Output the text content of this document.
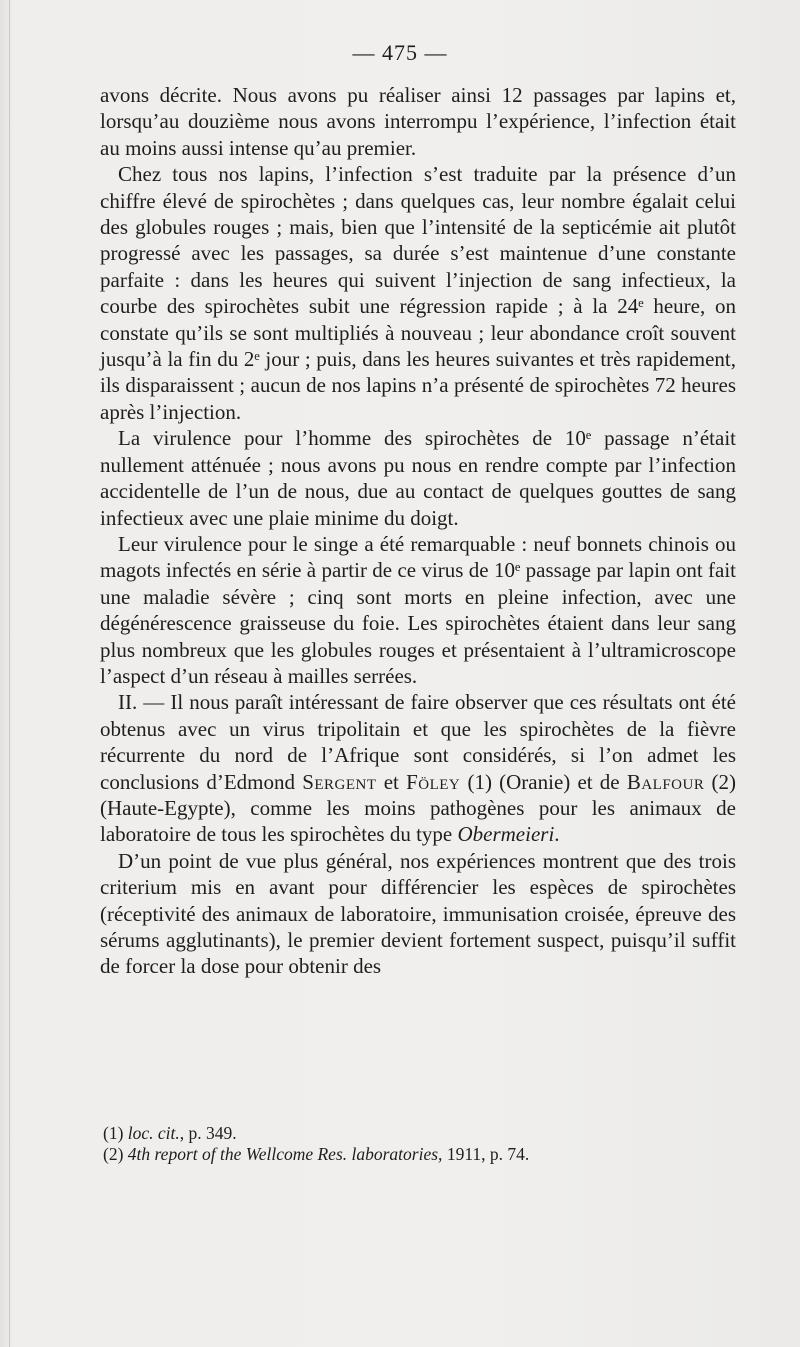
— 475 —

avons décrite. Nous avons pu réaliser ainsi 12 passages par lapins et, lorsqu’au douzième nous avons interrompu l’expérience, l’infection était au moins aussi intense qu’au premier.

Chez tous nos lapins, l’infection s’est traduite par la présence d’un chiffre élevé de spirochètes ; dans quelques cas, leur nombre égalait celui des globules rouges ; mais, bien que l’intensité de la septicémie ait plutôt progressé avec les passages, sa durée s’est maintenue d’une constante parfaite : dans les heures qui suivent l’injection de sang infectieux, la courbe des spirochètes subit une régression rapide ; à la 24ᵉ heure, on constate qu’ils se sont multipliés à nouveau ; leur abondance croît souvent jusqu’à la fin du 2ᵉ jour ; puis, dans les heures suivantes et très rapidement, ils disparaissent ; aucun de nos lapins n’a présenté de spirochètes 72 heures après l’injection.

La virulence pour l’homme des spirochètes de 10ᵉ passage n’était nullement atténuée ; nous avons pu nous en rendre compte par l’infection accidentelle de l’un de nous, due au contact de quelques gouttes de sang infectieux avec une plaie minime du doigt.

Leur virulence pour le singe a été remarquable : neuf bonnets chinois ou magots infectés en série à partir de ce virus de 10ᵉ passage par lapin ont fait une maladie sévère ; cinq sont morts en pleine infection, avec une dégénérescence graisseuse du foie. Les spirochètes étaient dans leur sang plus nombreux que les globules rouges et présentaient à l’ultramicroscope l’aspect d’un réseau à mailles serrées.

II. — Il nous paraît intéressant de faire observer que ces résultats ont été obtenus avec un virus tripolitain et que les spirochètes de la fièvre récurrente du nord de l’Afrique sont considérés, si l’on admet les conclusions d’Edmond Sergent et Föley (1) (Oranie) et de Balfour (2) (Haute-Egypte), comme les moins pathogènes pour les animaux de laboratoire de tous les spirochètes du type Obermeieri.

D’un point de vue plus général, nos expériences montrent que des trois criterium mis en avant pour différencier les espèces de spirochètes (réceptivité des animaux de laboratoire, immunisation croisée, épreuve des sérums agglutinants), le premier devient fortement suspect, puisqu’il suffit de forcer la dose pour obtenir des

(1) loc. cit., p. 349.
(2) 4th report of the Wellcome Res. laboratories, 1911, p. 74.
